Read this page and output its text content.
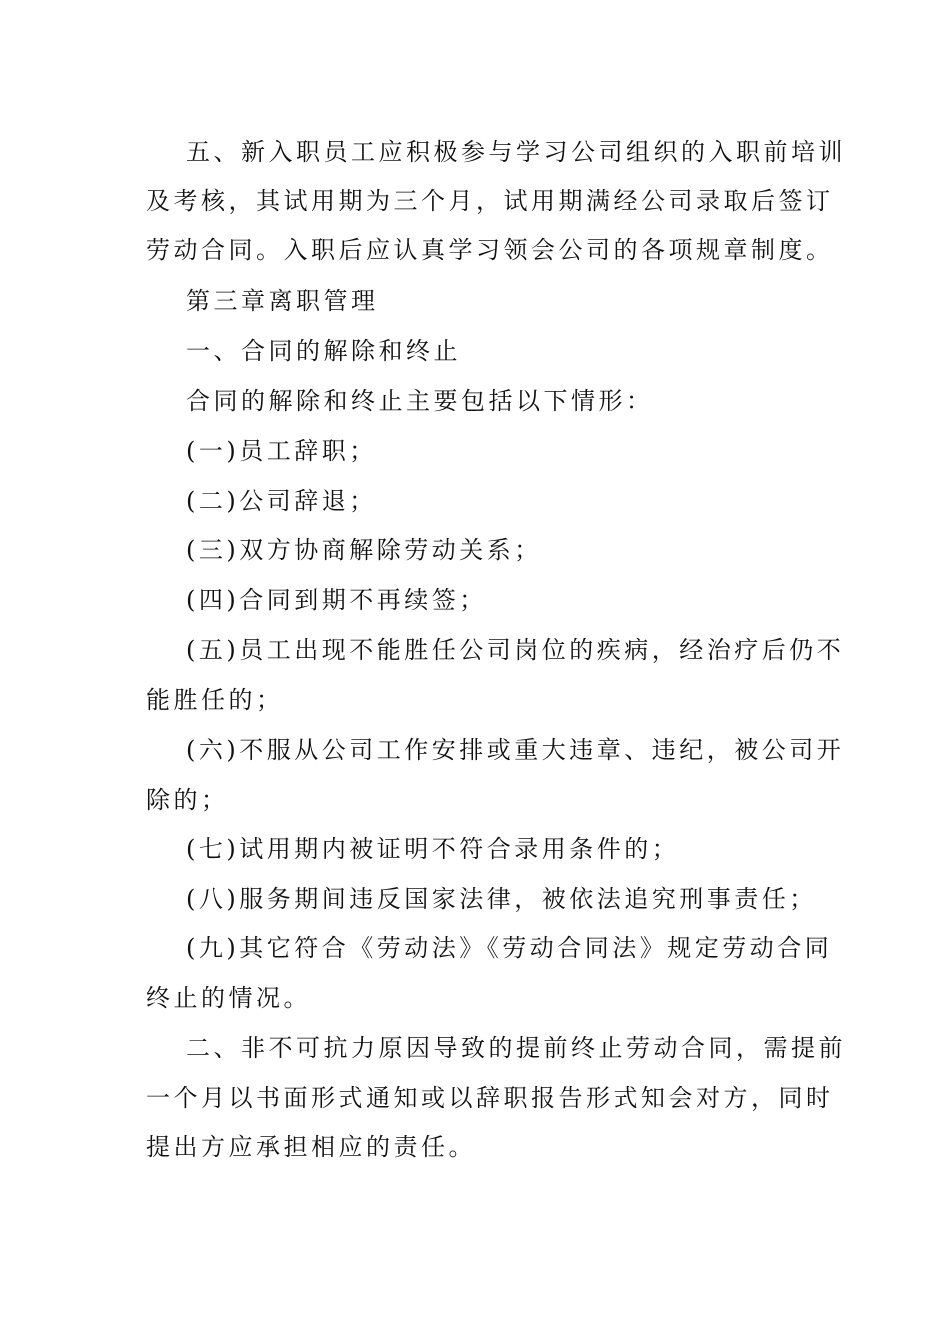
五、新入职员工应积极参与学习公司组织的入职前培训
及考核，其试用期为三个月，试用期满经公司录取后签订
劳动合同。入职后应认真学习领会公司的各项规章制度。
第三章离职管理
一、合同的解除和终止
合同的解除和终止主要包括以下情形：
(一)员工辞职；
(二)公司辞退；
(三)双方协商解除劳动关系；
(四)合同到期不再续签；
(五)员工出现不能胜任公司岗位的疾病，经治疗后仍不
能胜任的；
(六)不服从公司工作安排或重大违章、违纪，被公司开
除的；
(七)试用期内被证明不符合录用条件的；
(八)服务期间违反国家法律，被依法追究刑事责任；
(九)其它符合《劳动法》《劳动合同法》规定劳动合同
终止的情况。
二、非不可抗力原因导致的提前终止劳动合同，需提前
一个月以书面形式通知或以辞职报告形式知会对方，同时
提出方应承担相应的责任。
